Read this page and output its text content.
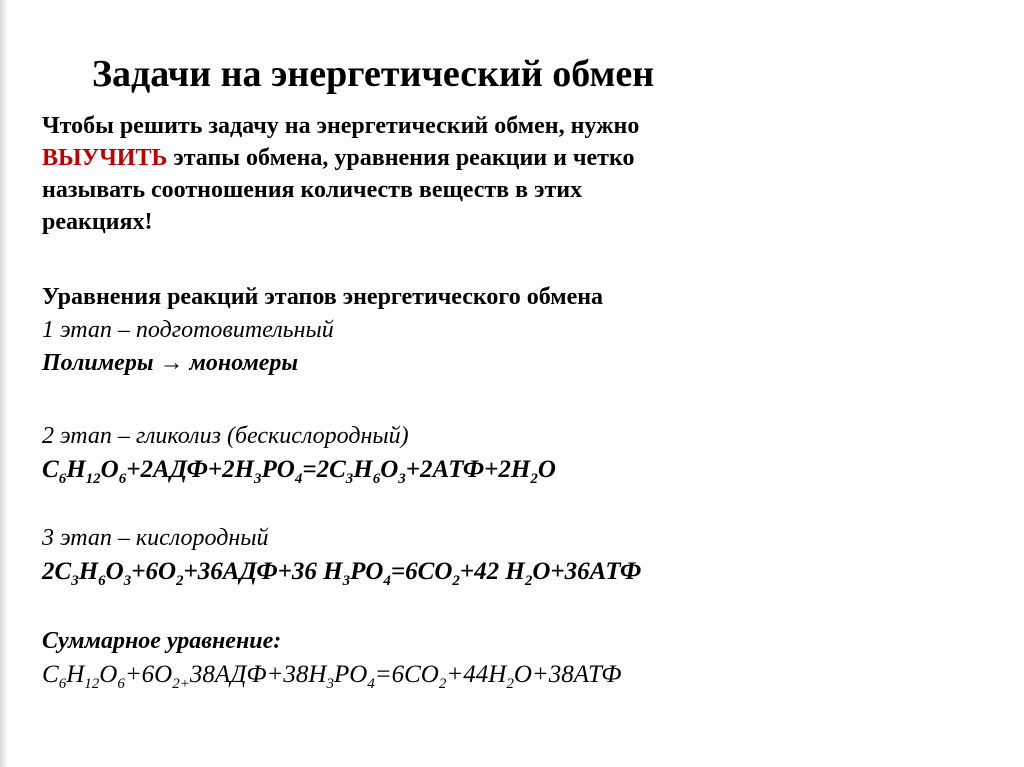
Задачи на энергетический обмен
Чтобы решить задачу на энергетический обмен, нужно
ВЫУЧИТЬ этапы обмена, уравнения реакции и четко
называть соотношения количеств веществ в этих
реакциях!
Уравнения реакций этапов энергетического обмена
1 этап – подготовительный
Полимеры → мономеры
2 этап – гликолиз (бескислородный)
$C_6H_{12}O_6+2АДФ+2H_3PO_4=2C_3H_6O_3+2АТФ+2H_2O$
3 этап – кислородный
$2C_3H_6O_3+6O_2+36АДФ+36$ $H_3PO_4=6CO_2+42$ $H_2O+36АТФ$
Суммарное уравнение:
$C_6H_{12}O_6+6O_{2+}38АДФ+38H_3PO_4=6CO_2+44H_2O+38АТФ$
